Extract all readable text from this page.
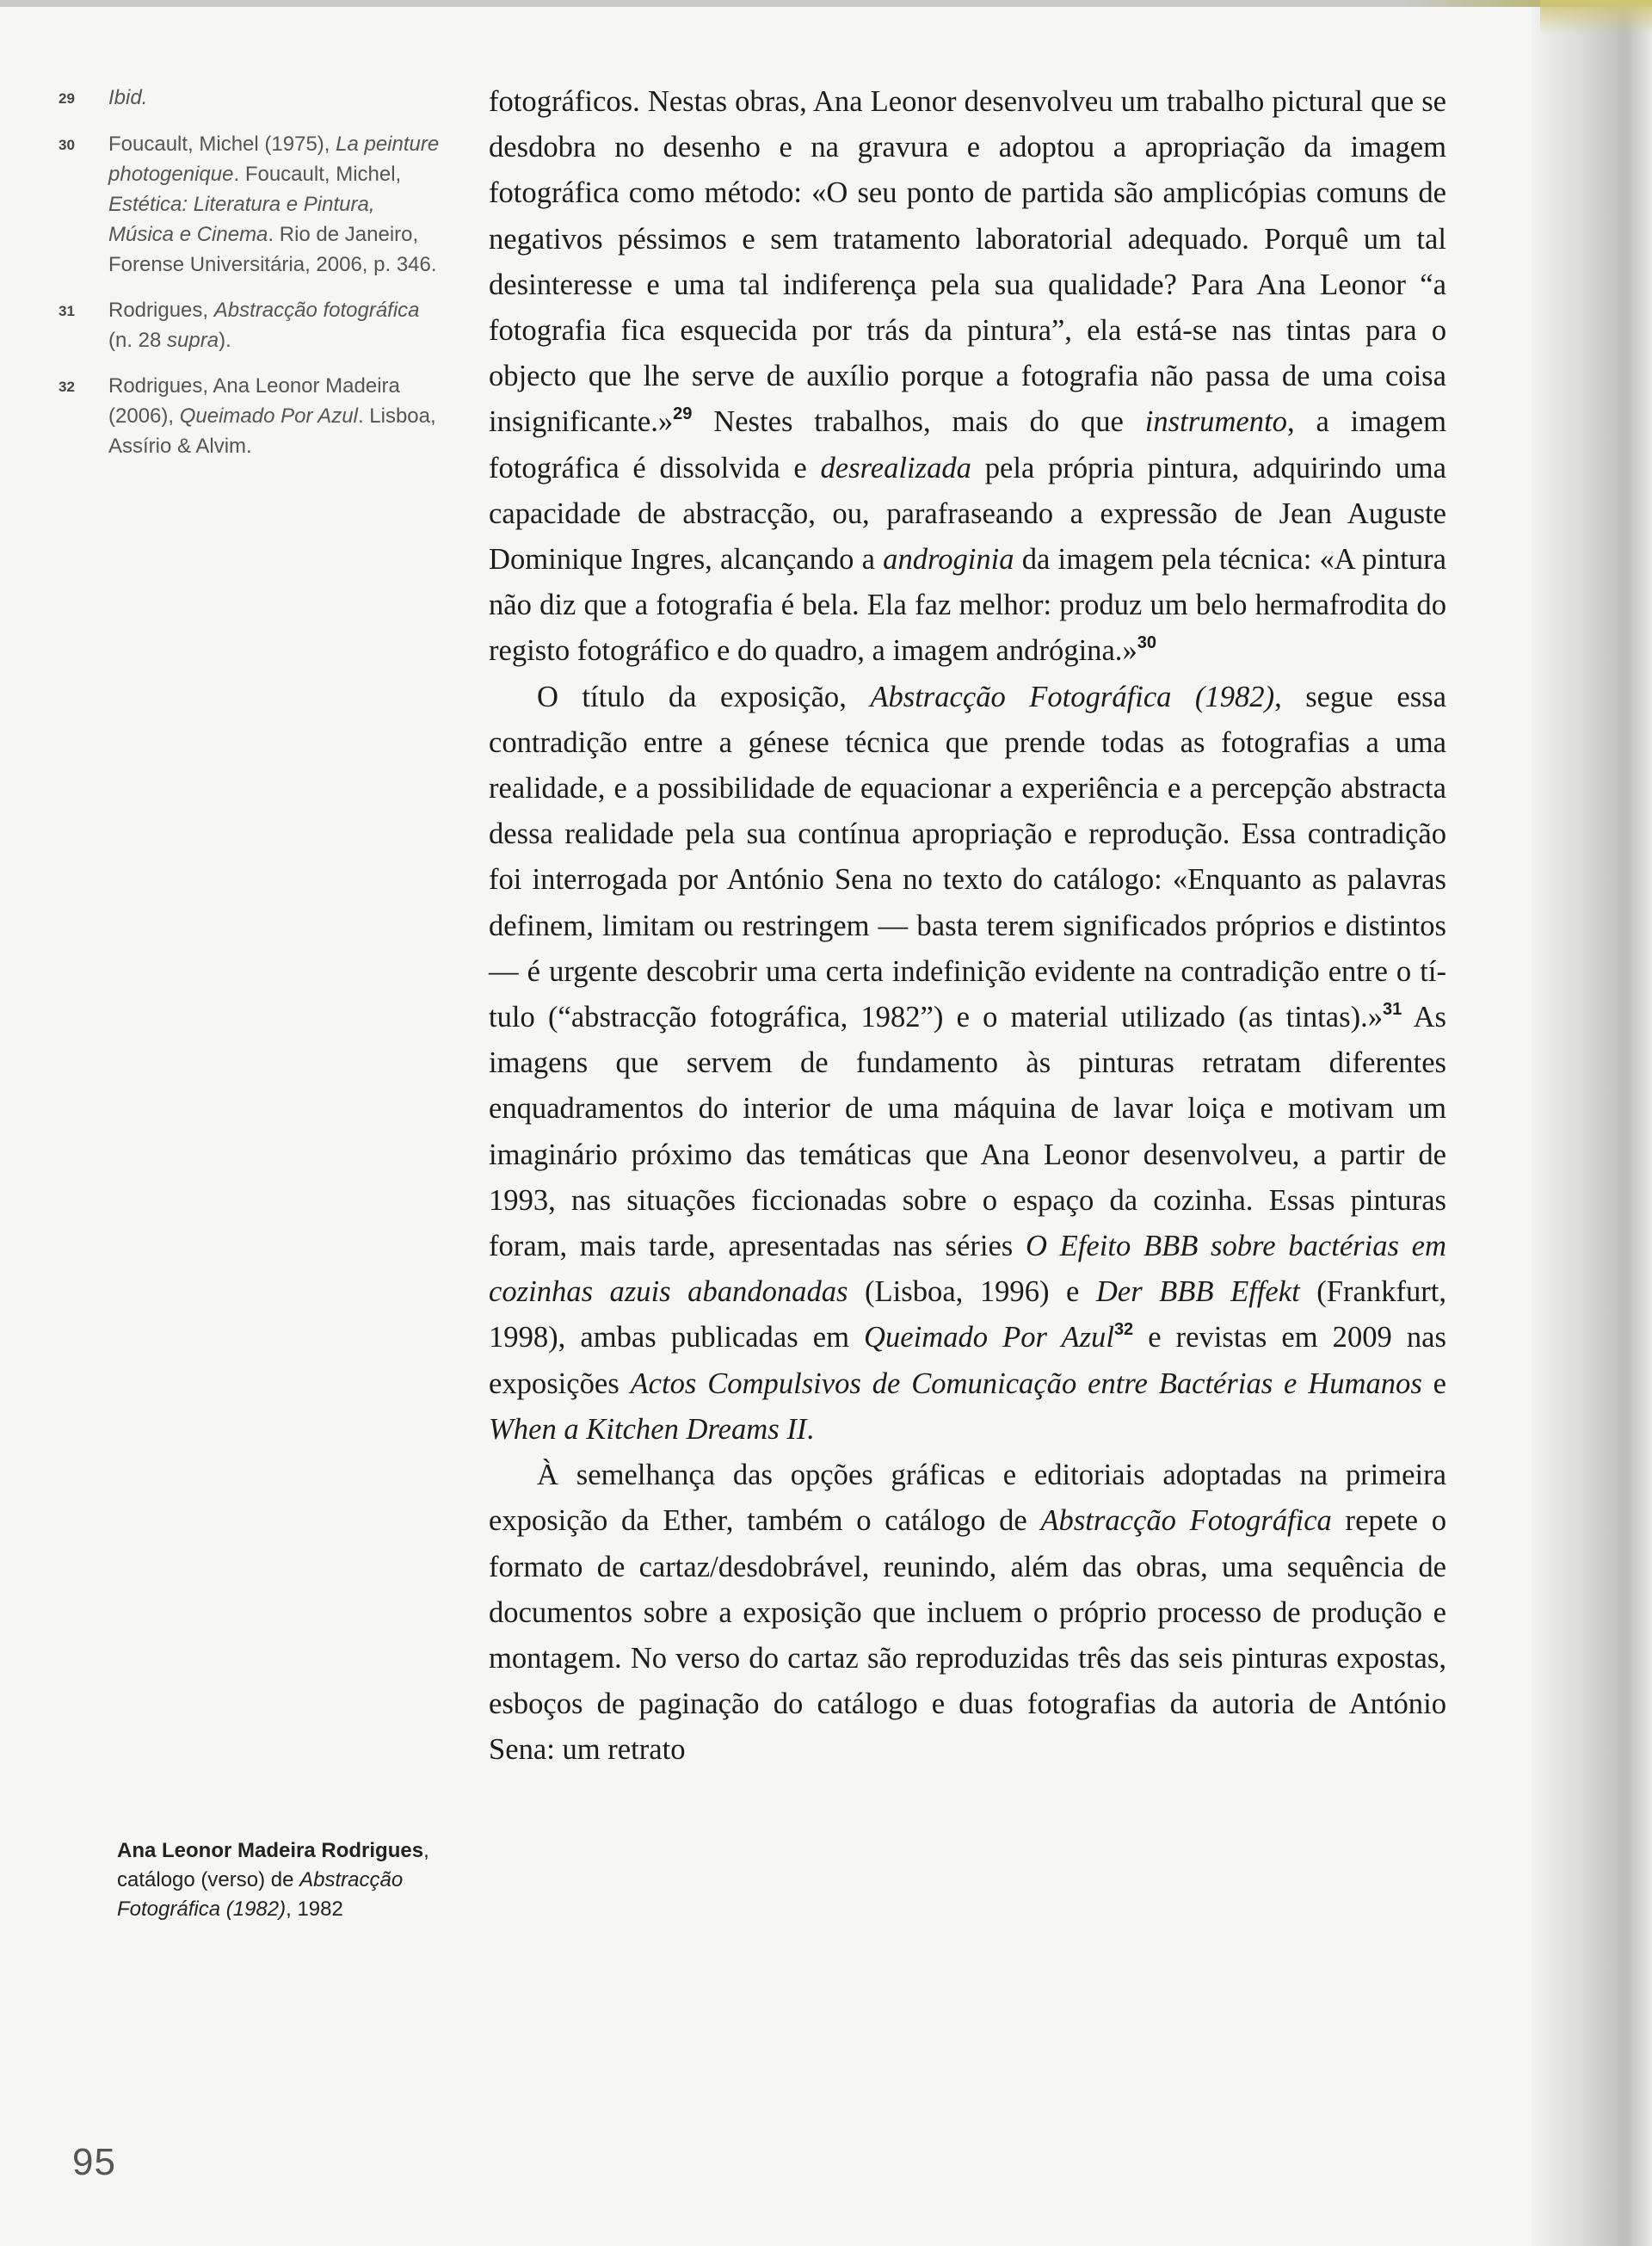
29	Ibid.
30	Foucault, Michel (1975), La peinture photogenique. Foucault, Michel, Estética: Literatura e Pintura, Música e Cinema. Rio de Janeiro, Forense Universitária, 2006, p. 346.
31	Rodrigues, Abstracção fotográfica (n. 28 supra).
32	Rodrigues, Ana Leonor Madeira (2006), Queimado Por Azul. Lisboa, Assírio & Alvim.
Ana Leonor Madeira Rodrigues, catálogo (verso) de Abstracção Fotográfica (1982), 1982
95

fotográficos. Nestas obras, Ana Leonor desenvolveu um trabalho pictural que se desdobra no desenho e na gravura e adoptou a apropriação da imagem fotográfica como método: «O seu ponto de partida são amplicópias comuns de negativos péssimos e sem tratamento laboratorial adequado. Porquê um tal desinteresse e uma tal indiferença pela sua qualidade? Para Ana Leonor “a fotografia fica esquecida por trás da pintura”, ela está-se nas tintas para o objecto que lhe serve de auxílio porque a fotografia não passa de uma coisa insignificante.»$^{29}$ Nestes trabalhos, mais do que instrumento, a imagem fotográfica é dissolvida e desrealizada pela própria pintura, adquirindo uma capacidade de abstracção, ou, parafraseando a expressão de Jean Auguste Dominique Ingres, alcançando a androginia da imagem pela técnica: «A pintura não diz que a fotografia é bela. Ela faz melhor: produz um belo hermafrodita do registo fotográfico e do quadro, a imagem andrógina.»$^{30}$

O título da exposição, Abstracção Fotográfica (1982), segue essa contradição entre a génese técnica que prende todas as fotografias a uma realidade, e a possibilidade de equacionar a experiência e a percepção abstracta dessa realidade pela sua contínua apropriação e reprodução. Essa contradição foi interrogada por António Sena no texto do catálogo: «Enquanto as palavras definem, limitam ou restringem — basta terem significados próprios e distintos — é urgente descobrir uma certa indefinição evidente na contradição entre o título (“abstracção fotográfica, 1982”) e o material utilizado (as tintas).»$^{31}$ As imagens que servem de fundamento às pinturas retratam diferentes enquadramentos do interior de uma máquina de lavar loiça e motivam um imaginário próximo das temáticas que Ana Leonor desenvolveu, a partir de 1993, nas situações ficcionadas sobre o espaço da cozinha. Essas pinturas foram, mais tarde, apresentadas nas séries O Efeito BBB sobre bactérias em cozinhas azuis abandonadas (Lisboa, 1996) e Der BBB Effekt (Frankfurt, 1998), ambas publicadas em Queimado Por Azul$^{32}$ e revistas em 2009 nas exposições Actos Compulsivos de Comunicação entre Bactérias e Humanos e When a Kitchen Dreams II.

À semelhança das opções gráficas e editoriais adoptadas na primeira exposição da Ether, também o catálogo de Abstracção Fotográfica repete o formato de cartaz/desdobrável, reunindo, além das obras, uma sequência de documentos sobre a exposição que incluem o próprio processo de produção e montagem. No verso do cartaz são reproduzidas três das seis pinturas expostas, esboços de paginação do catálogo e duas fotografias da autoria de António Sena: um retrato
